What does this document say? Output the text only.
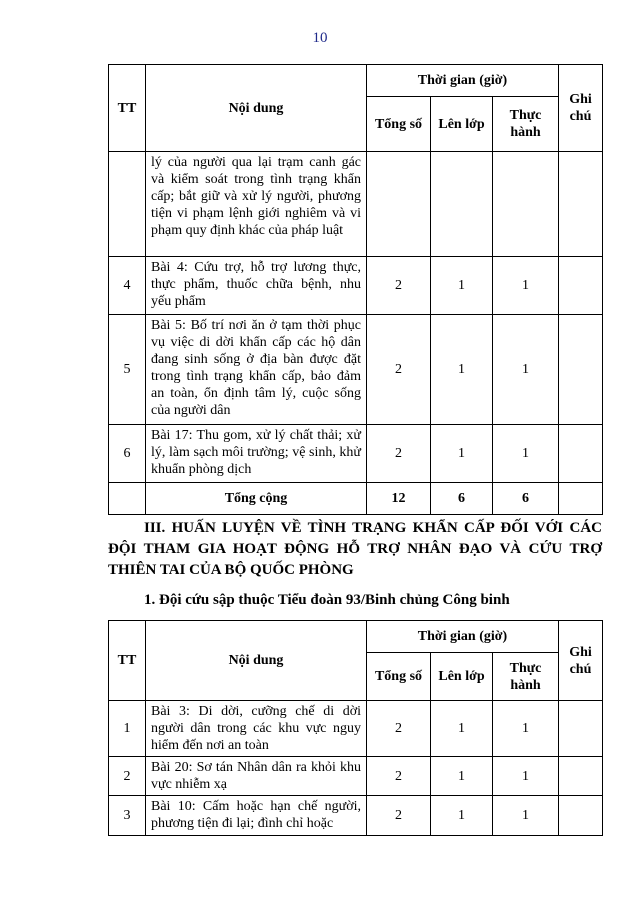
10
TT	Nội dung	Thời gian (giờ)			Ghi chú
		Tổng số	Lên lớp	Thực hành	
	lý của người qua lại trạm canh gác và kiểm soát trong tình trạng khẩn cấp; bắt giữ và xử lý người, phương tiện vi phạm lệnh giới nghiêm và vi phạm quy định khác của pháp luật				
4	Bài 4: Cứu trợ, hỗ trợ lương thực, thực phẩm, thuốc chữa bệnh, nhu yếu phẩm	2	1	1	
5	Bài 5: Bố trí nơi ăn ở tạm thời phục vụ việc di dời khẩn cấp các hộ dân đang sinh sống ở địa bàn được đặt trong tình trạng khẩn cấp, bảo đảm an toàn, ổn định tâm lý, cuộc sống của người dân	2	1	1	
6	Bài 17: Thu gom, xử lý chất thải; xử lý, làm sạch môi trường; vệ sinh, khử khuẩn phòng dịch	2	1	1	
	Tổng cộng	12	6	6	
III. HUẤN LUYỆN VỀ TÌNH TRẠNG KHẨN CẤP ĐỐI VỚI CÁC ĐỘI THAM GIA HOẠT ĐỘNG HỖ TRỢ NHÂN ĐẠO VÀ CỨU TRỢ THIÊN TAI CỦA BỘ QUỐC PHÒNG
1. Đội cứu sập thuộc Tiểu đoàn 93/Binh chủng Công binh
TT	Nội dung	Thời gian (giờ)			Ghi chú
		Tổng số	Lên lớp	Thực hành	
1	Bài 3: Di dời, cưỡng chế di dời người dân trong các khu vực nguy hiểm đến nơi an toàn	2	1	1	
2	Bài 20: Sơ tán Nhân dân ra khỏi khu vực nhiễm xạ	2	1	1	
3	Bài 10: Cấm hoặc hạn chế người, phương tiện đi lại; đình chỉ hoặc	2	1	1	
